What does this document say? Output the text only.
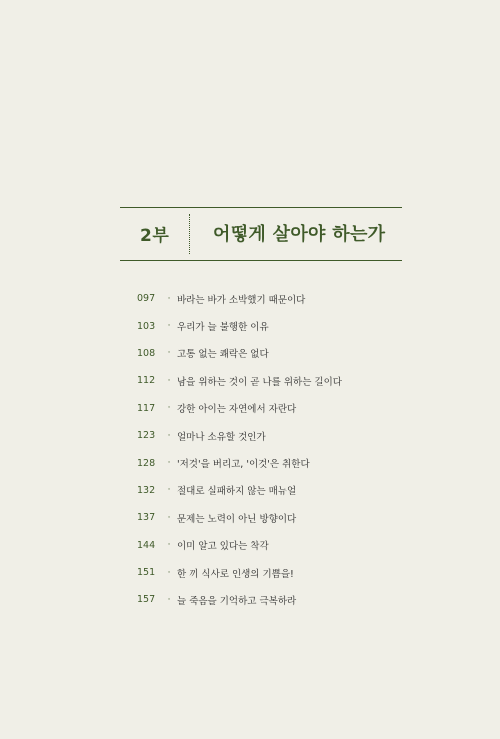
2부 어떻게 살아야 하는가
097	· 바라는 바가 소박했기 때문이다
103	· 우리가 늘 불행한 이유
108	· 고통 없는 쾌락은 없다
112	· 남을 위하는 것이 곧 나를 위하는 길이다
117	· 강한 아이는 자연에서 자란다
123	· 얼마나 소유할 것인가
128	· '저것'을 버리고, '이것'은 취한다
132	· 절대로 실패하지 않는 매뉴얼
137	· 문제는 노력이 아닌 방향이다
144	· 이미 알고 있다는 착각
151	· 한 끼 식사로 인생의 기쁨을!
157	· 늘 죽음을 기억하고 극복하라
